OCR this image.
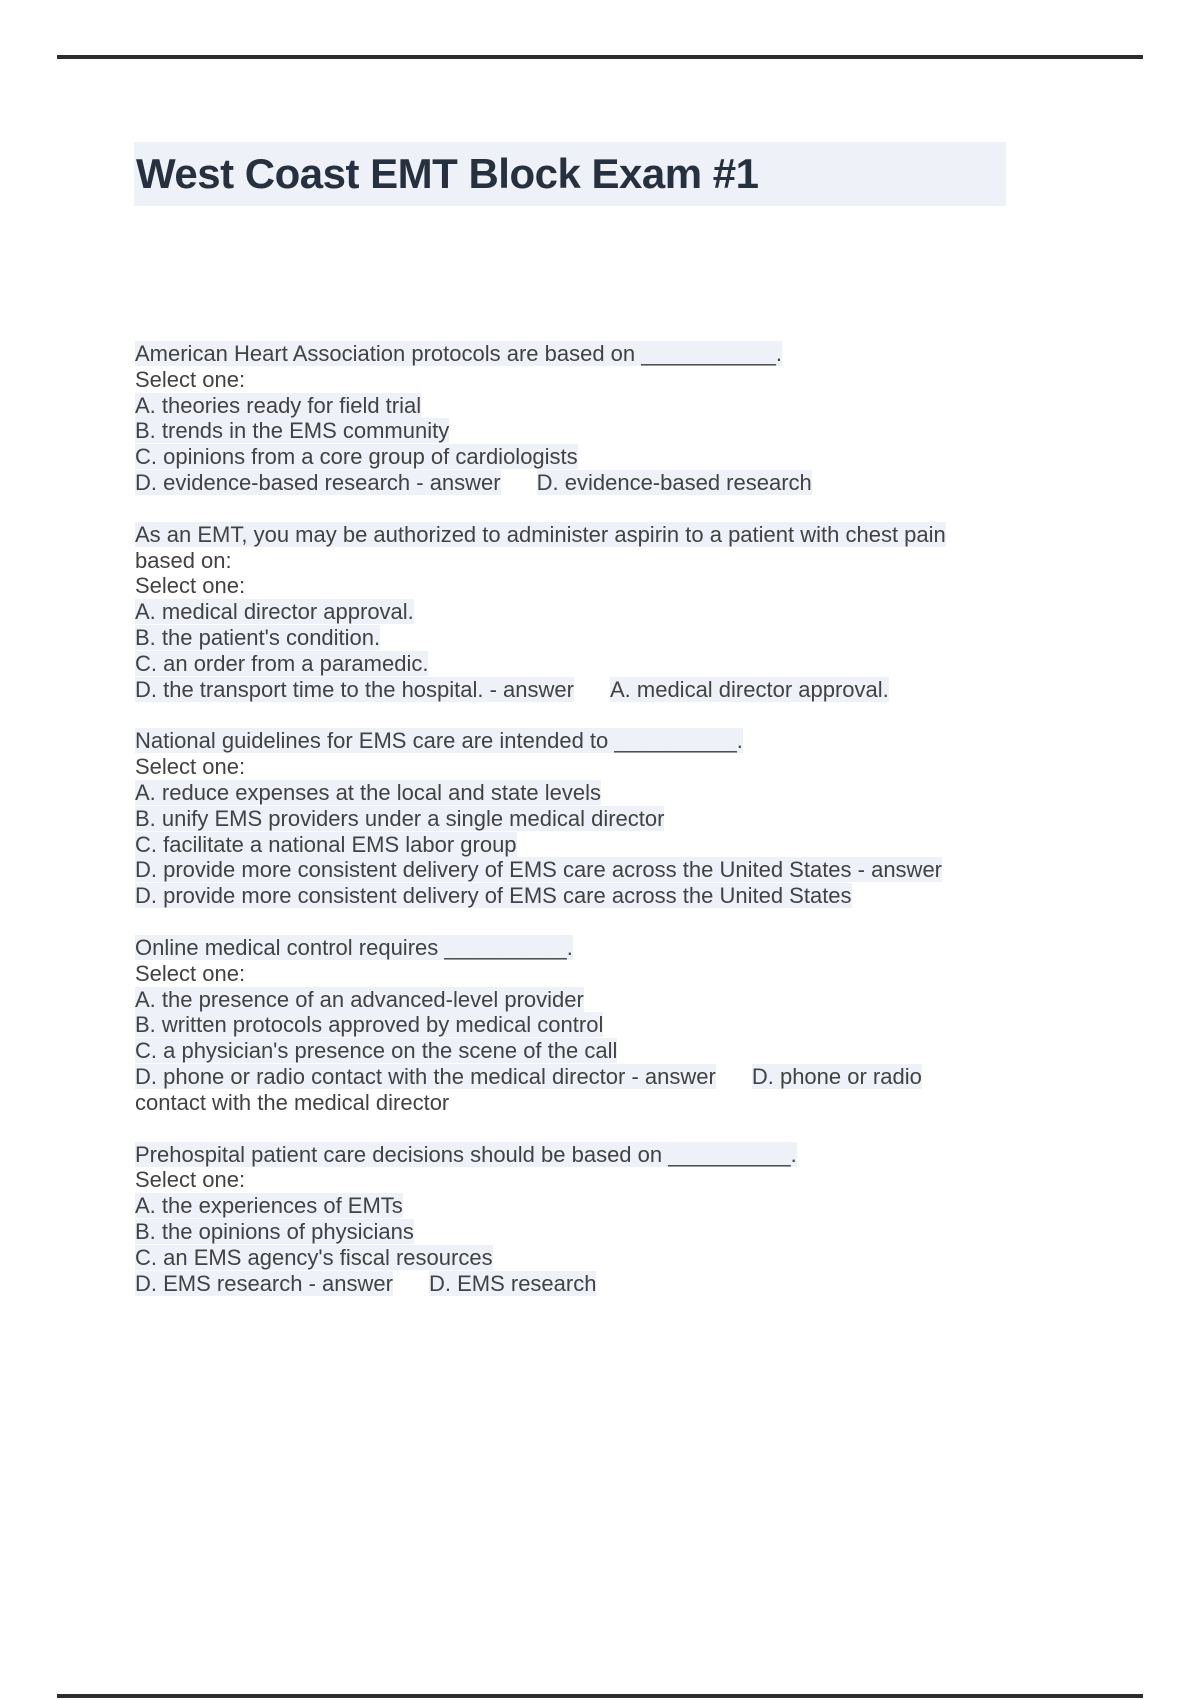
West Coast EMT Block Exam #1
American Heart Association protocols are based on ___________.
Select one:
A. theories ready for field trial
B. trends in the EMS community
C. opinions from a core group of cardiologists
D. evidence-based research - answer D. evidence-based research
As an EMT, you may be authorized to administer aspirin to a patient with chest pain
based on:
Select one:
A. medical director approval.
B. the patient's condition.
C. an order from a paramedic.
D. the transport time to the hospital. - answer A. medical director approval.
National guidelines for EMS care are intended to __________.
Select one:
A. reduce expenses at the local and state levels
B. unify EMS providers under a single medical director
C. facilitate a national EMS labor group
D. provide more consistent delivery of EMS care across the United States - answer
D. provide more consistent delivery of EMS care across the United States
Online medical control requires __________.
Select one:
A. the presence of an advanced-level provider
B. written protocols approved by medical control
C. a physician's presence on the scene of the call
D. phone or radio contact with the medical director - answer D. phone or radio
contact with the medical director
Prehospital patient care decisions should be based on __________.
Select one:
A. the experiences of EMTs
B. the opinions of physicians
C. an EMS agency's fiscal resources
D. EMS research - answer D. EMS research
